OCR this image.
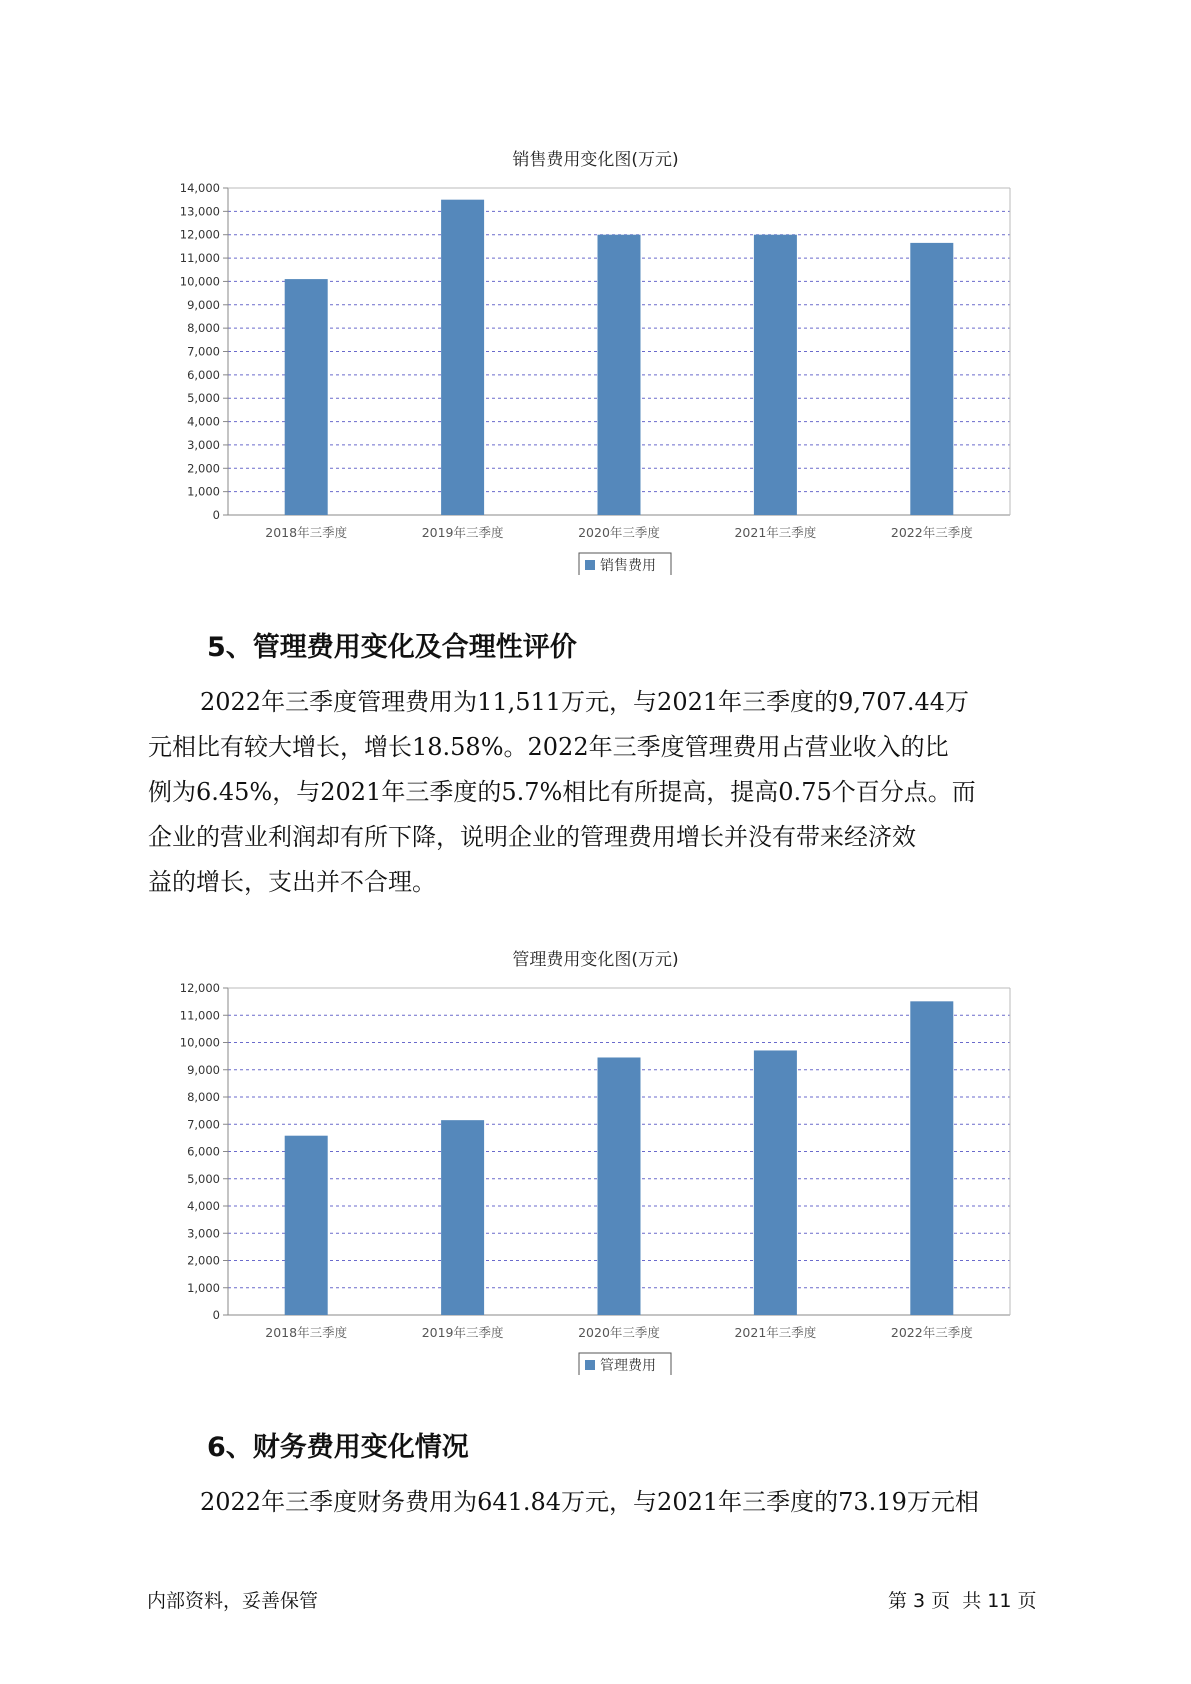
销售费用变化图(万元)
0
1,000
2,000
3,000
4,000
5,000
6,000
7,000
8,000
9,000
10,000
11,000
12,000
13,000
14,000
2018年三季度	2019年三季度	2020年三季度	2021年三季度	2022年三季度
销售费用
5、管理费用变化及合理性评价
2022年三季度管理费用为11,511万元，与2021年三季度的9,707.44万
元相比有较大增长，增长18.58%。2022年三季度管理费用占营业收入的比
例为6.45%，与2021年三季度的5.7%相比有所提高，提高0.75个百分点。而
企业的营业利润却有所下降，说明企业的管理费用增长并没有带来经济效
益的增长，支出并不合理。
管理费用变化图(万元)
0
1,000
2,000
3,000
4,000
5,000
6,000
7,000
8,000
9,000
10,000
11,000
12,000
2018年三季度	2019年三季度	2020年三季度	2021年三季度	2022年三季度
管理费用
6、财务费用变化情况
2022年三季度财务费用为641.84万元，与2021年三季度的73.19万元相
内部资料，妥善保管	第 3 页  共 11 页
